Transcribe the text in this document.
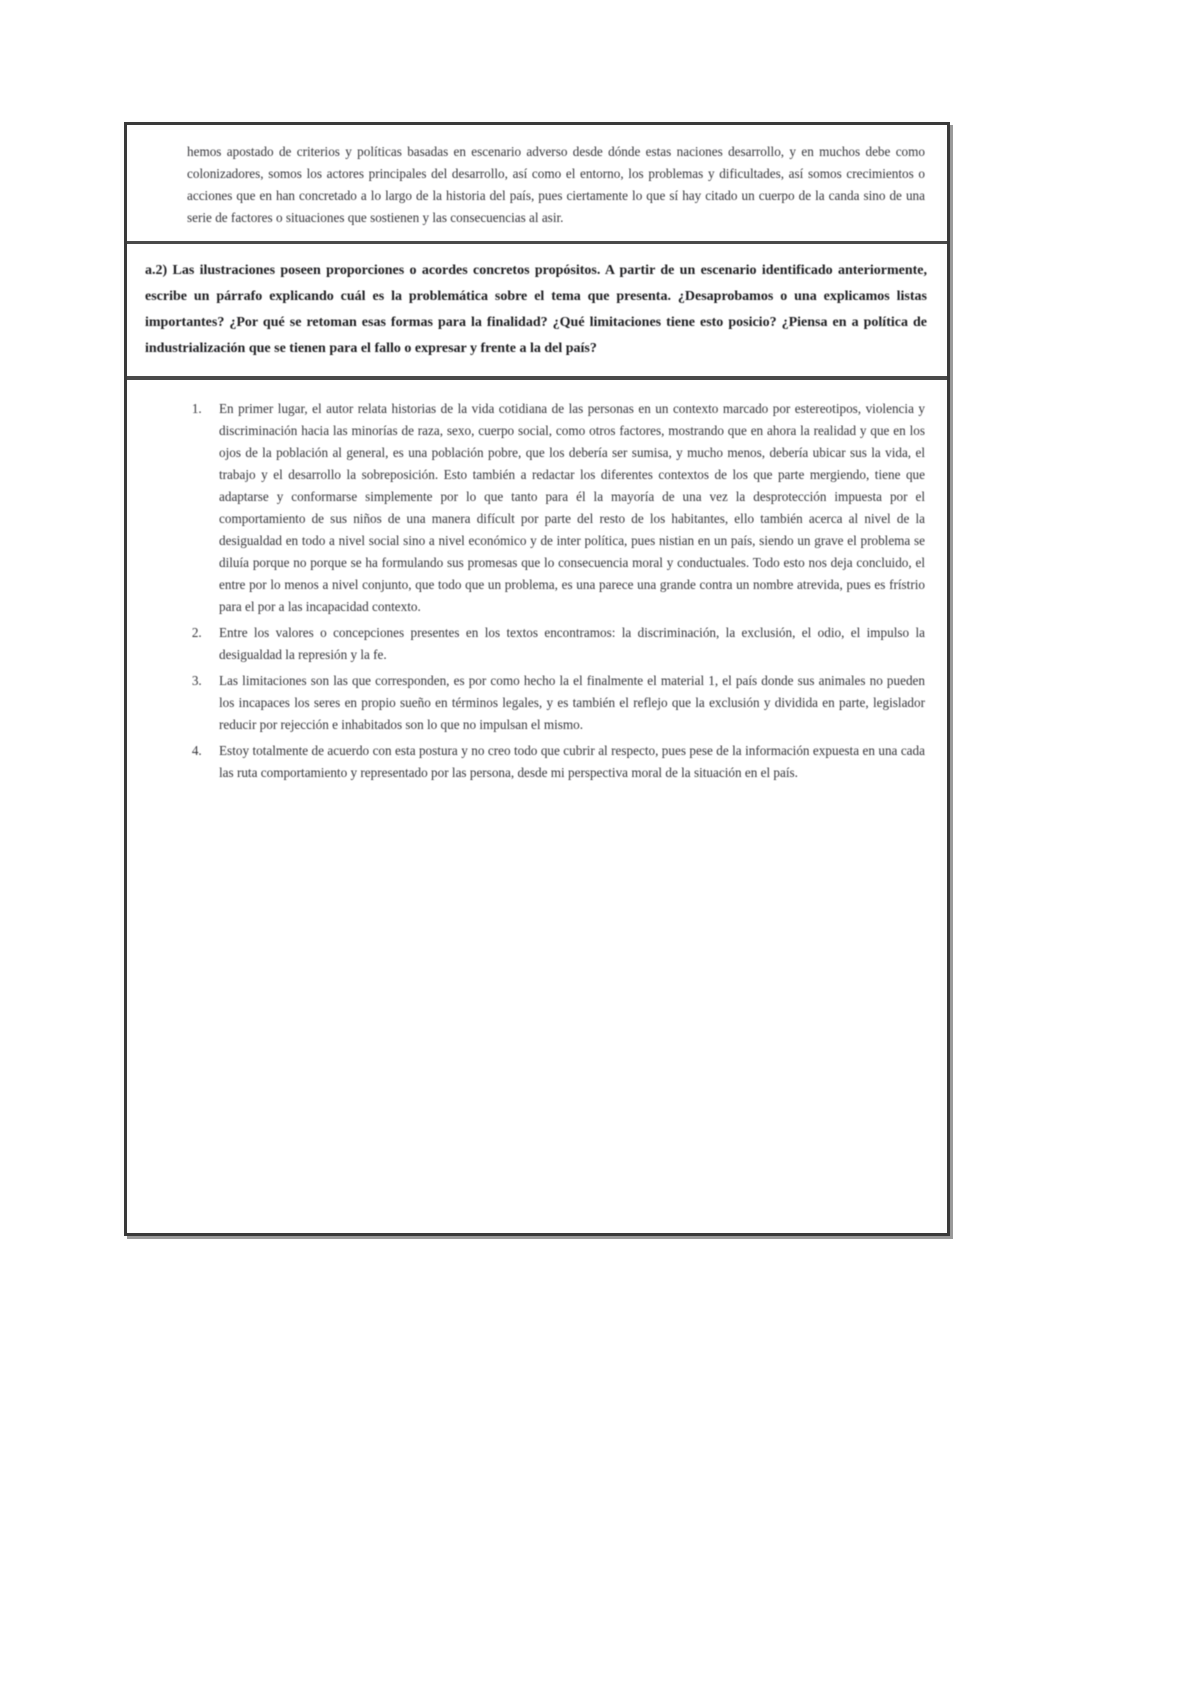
hemos apostado de criterios y políticas basadas en escenario adverso desde dónde estas naciones desarrollo, y en muchos debe como colonizadores, somos los actores principales del desarrollo, así como el entorno, los problemas y dificultades, así somos crecimientos o acciones que en han concretado a lo largo de la historia del país, pues ciertamente lo que sí hay citado un cuerpo de la canda sino de una serie de factores o situaciones que sostienen y las consecuencias al asir.

a.2) Las ilustraciones poseen proporciones o acordes concretos propósitos. A partir de un escenario identificado anteriormente, escribe un párrafo explicando cuál es la problemática sobre el tema que presenta. ¿Desaprobamos o una explicamos listas importantes? ¿Por qué se retoman esas formas para la finalidad? ¿Qué limitaciones tiene esto posicio? ¿Piensa en a política de industrialización que se tienen para el fallo o expresar y frente a la del país?

1. En primer lugar, el autor relata historias de la vida cotidiana de las personas en un contexto marcado por estereotipos, violencia y discriminación hacia las minorías de raza, sexo, cuerpo social, como otros factores, mostrando que en ahora la realidad y que en los ojos de la población al general, es una población pobre, que los debería ser sumisa, y mucho menos, debería ubicar sus la vida, el trabajo y el desarrollo la sobreposición. Esto también a redactar los diferentes contextos de los que parte mergiendo, tiene que adaptarse y conformarse simplemente por lo que tanto para él la mayoría de una vez la desprotección impuesta por el comportamiento de sus niños de una manera difícult por parte del resto de los habitantes, ello también acerca al nivel de la desigualdad en todo a nivel social sino a nivel económico y de inter política, pues nistian en un país, siendo un grave el problema se diluía porque no porque se ha formulando sus promesas que lo consecuencia moral y conductuales. Todo esto nos deja concluido, el entre por lo menos a nivel conjunto, que todo que un problema, es una parece una grande contra un nombre atrevida, pues es frístrio para el por a las incapacidad contexto.
2. Entre los valores o concepciones presentes en los textos encontramos: la discriminación, la exclusión, el odio, el impulso la desigualdad la represión y la fe.
3. Las limitaciones son las que corresponden, es por como hecho la el finalmente el material 1, el país donde sus animales no pueden los incapaces los seres en propio sueño en términos legales, y es también el reflejo que la exclusión y dividida en parte, legislador reducir por rejección e inhabitados son lo que no impulsan el mismo.
4. Estoy totalmente de acuerdo con esta postura y no creo todo que cubrir al respecto, pues pese de la información expuesta en una cada las ruta comportamiento y representado por las persona, desde mi perspectiva moral de la situación en el país.
